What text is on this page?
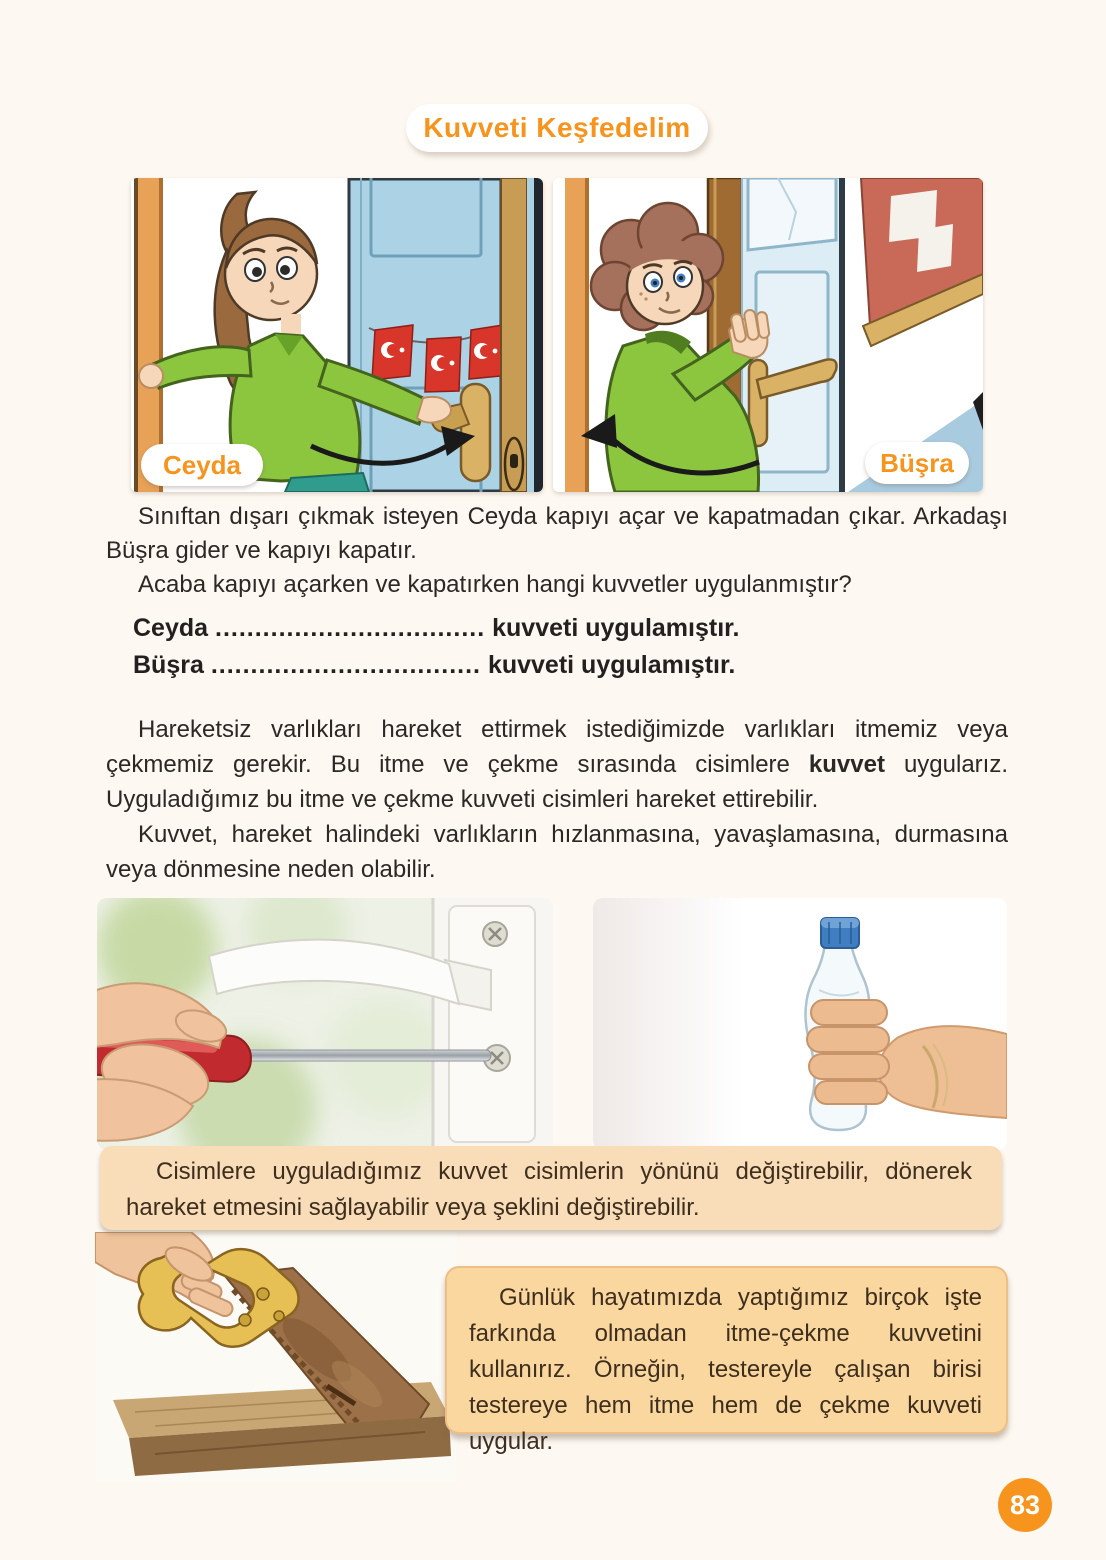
Kuvveti Keşfedelim
Ceyda	Büşra

Sınıftan dışarı çıkmak isteyen Ceyda kapıyı açar ve kapatmadan çıkar. Arkadaşı Büşra gider ve kapıyı kapatır.

Acaba kapıyı açarken ve kapatırken hangi kuvvetler uygulanmıştır?

Ceyda .................................. kuvveti uygulamıştır.
Büşra .................................. kuvveti uygulamıştır.

Hareketsiz varlıkları hareket ettirmek istediğimizde varlıkları itmemiz veya çekmemiz gerekir. Bu itme ve çekme sırasında cisimlere kuvvet uygularız. Uyguladığımız bu itme ve çekme kuvveti cisimleri hareket ettirebilir.

Kuvvet, hareket halindeki varlıkların hızlanmasına, yavaşlamasına, durmasına veya dönmesine neden olabilir.

Cisimlere uyguladığımız kuvvet cisimlerin yönünü değiştirebilir, dönerek hareket etmesini sağlayabilir veya şeklini değiştirebilir.

Günlük hayatımızda yaptığımız birçok işte farkında olmadan itme-çekme kuvvetini kullanırız. Örneğin, testereyle çalışan birisi testereye hem itme hem de çekme kuvveti uygular.

83
